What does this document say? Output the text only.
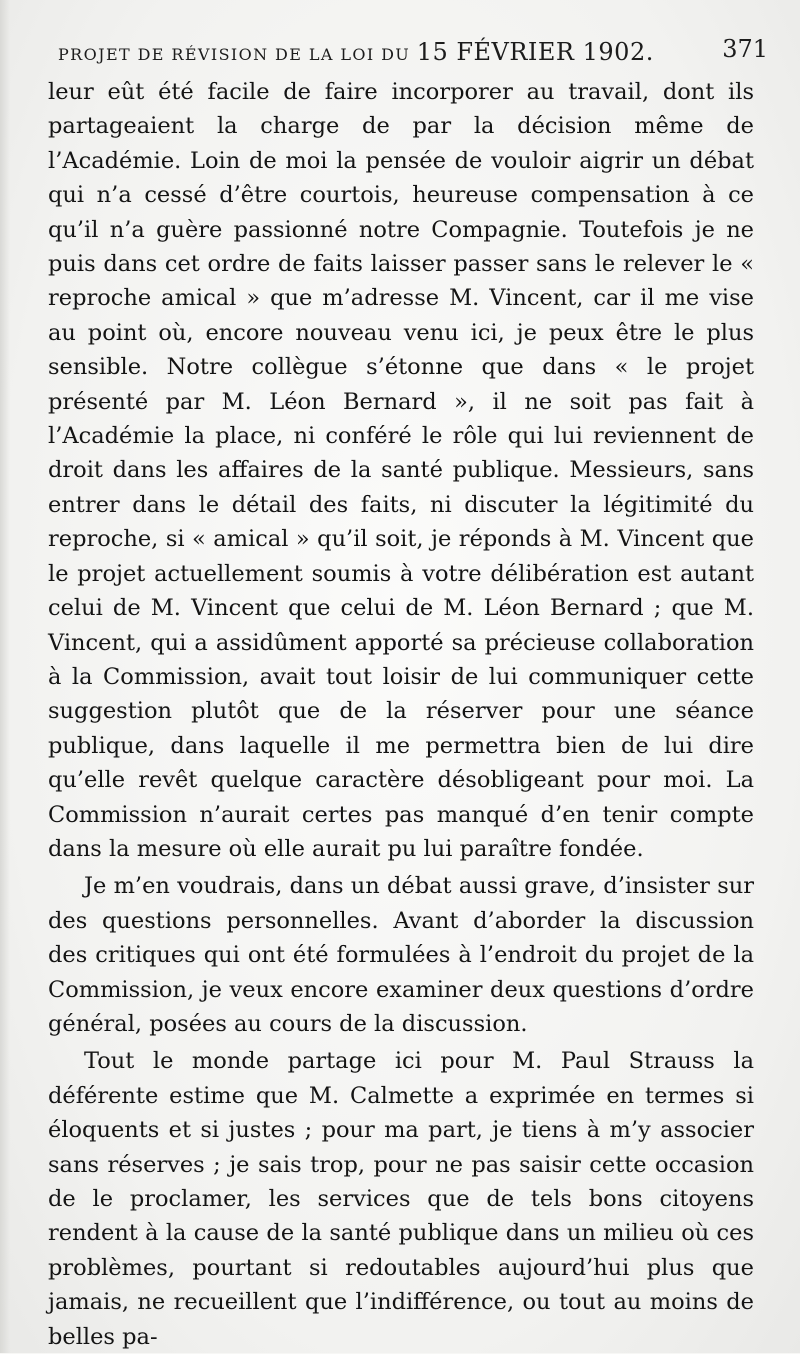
PROJET DE RÉVISION DE LA LOI DU 15 FÉVRIER 1902.	371

leur eût été facile de faire incorporer au travail, dont ils partageaient la charge de par la décision même de l’Académie. Loin de moi la pensée de vouloir aigrir un débat qui n’a cessé d’être courtois, heureuse compensation à ce qu’il n’a guère passionné notre Compagnie. Toutefois je ne puis dans cet ordre de faits laisser passer sans le relever le « reproche amical » que m’adresse M. Vincent, car il me vise au point où, encore nouveau venu ici, je peux être le plus sensible. Notre collègue s’étonne que dans « le projet présenté par M. Léon Bernard », il ne soit pas fait à l’Académie la place, ni conféré le rôle qui lui reviennent de droit dans les affaires de la santé publique. Messieurs, sans entrer dans le détail des faits, ni discuter la légitimité du reproche, si « amical » qu’il soit, je réponds à M. Vincent que le projet actuellement soumis à votre délibération est autant celui de M. Vincent que celui de M. Léon Bernard ; que M. Vincent, qui a assidûment apporté sa précieuse collaboration à la Commission, avait tout loisir de lui communiquer cette suggestion plutôt que de la réserver pour une séance publique, dans laquelle il me permettra bien de lui dire qu’elle revêt quelque caractère désobligeant pour moi. La Commission n’aurait certes pas manqué d’en tenir compte dans la mesure où elle aurait pu lui paraître fondée.

Je m’en voudrais, dans un débat aussi grave, d’insister sur des questions personnelles. Avant d’aborder la discussion des critiques qui ont été formulées à l’endroit du projet de la Commission, je veux encore examiner deux questions d’ordre général, posées au cours de la discussion.

Tout le monde partage ici pour M. Paul Strauss la déférente estime que M. Calmette a exprimée en termes si éloquents et si justes ; pour ma part, je tiens à m’y associer sans réserves ; je sais trop, pour ne pas saisir cette occasion de le proclamer, les services que de tels bons citoyens rendent à la cause de la santé publique dans un milieu où ces problèmes, pourtant si redoutables aujourd’hui plus que jamais, ne recueillent que l’indifférence, ou tout au moins de belles pa-
